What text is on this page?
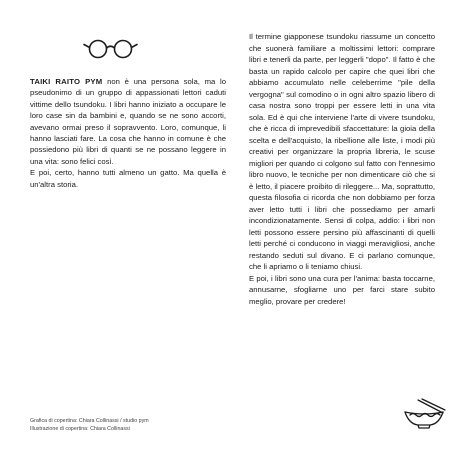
TAIKI RAITO PYM non è una persona sola, ma lo pseudonimo di un gruppo di appassionati lettori caduti vittime dello tsundoku. I libri hanno iniziato a occupare le loro case sin da bambini e, quando se ne sono accorti, avevano ormai preso il sopravvento. Loro, comunque, li hanno lasciati fare. La cosa che hanno in comune è che possiedono più libri di quanti se ne possano leggere in una vita: sono felici così.

E poi, certo, hanno tutti almeno un gatto. Ma quella è un'altra storia.

Il termine giapponese tsundoku riassume un concetto che suonerà familiare a moltissimi lettori: comprare libri e tenerli da parte, per leggerli "dopo". Il fatto è che basta un rapido calcolo per capire che quei libri che abbiamo accumulato nelle celeberrime "pile della vergogna" sul comodino o in ogni altro spazio libero di casa nostra sono troppi per essere letti in una vita sola. Ed è qui che interviene l'arte di vivere tsundoku, che è ricca di imprevedibili sfaccettature: la gioia della scelta e dell'acquisto, la ribellione alle liste, i modi più creativi per organizzare la propria libreria, le scuse migliori per quando ci colgono sul fatto con l'ennesimo libro nuovo, le tecniche per non dimenticare ciò che si è letto, il piacere proibito di rileggere... Ma, soprattutto, questa filosofia ci ricorda che non dobbiamo per forza aver letto tutti i libri che possediamo per amarli incondizionatamente. Sensi di colpa, addio: i libri non letti possono essere persino più affascinanti di quelli letti perché ci conducono in viaggi meravigliosi, anche restando seduti sul divano. E ci parlano comunque, che li apriamo o li teniamo chiusi.

E poi, i libri sono una cura per l'anima: basta toccarne, annusarne, sfogliarne uno per farci stare subito meglio, provare per credere!

Grafica di copertina: Chiara Collinassi / studio pym
Illustrazione di copertina: Chiara Collinassi
